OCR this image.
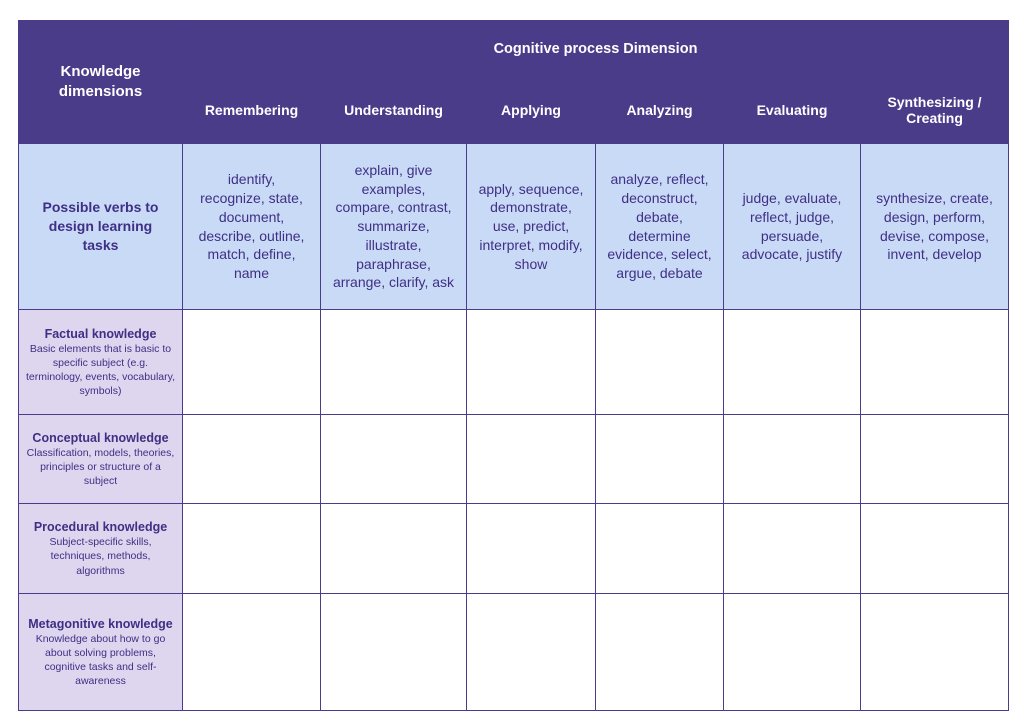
Knowledge dimensions	Cognitive process Dimension					
	Remembering	Understanding	Applying	Analyzing	Evaluating	Synthesizing / Creating
Possible verbs to design learning tasks	identify, recognize, state, document, describe, outline, match, define, name	explain, give examples, compare, contrast, summarize, illustrate, paraphrase, arrange, clarify, ask	apply, sequence, demonstrate, use, predict, interpret, modify, show	analyze, reflect, deconstruct, debate, determine evidence, select, argue, debate	judge, evaluate, reflect, judge, persuade, advocate, justify	synthesize, create, design, perform, devise, compose, invent, develop

Factual knowledge
Basic elements that is basic to specific subject (e.g. terminology, events, vocabulary, symbols)						

Conceptual knowledge
Classification, models, theories, principles or structure of a subject						

Procedural knowledge
Subject-specific skills, techniques, methods, algorithms						

Metagonitive knowledge
Knowledge about how to go about solving problems, cognitive tasks and self-awareness						
